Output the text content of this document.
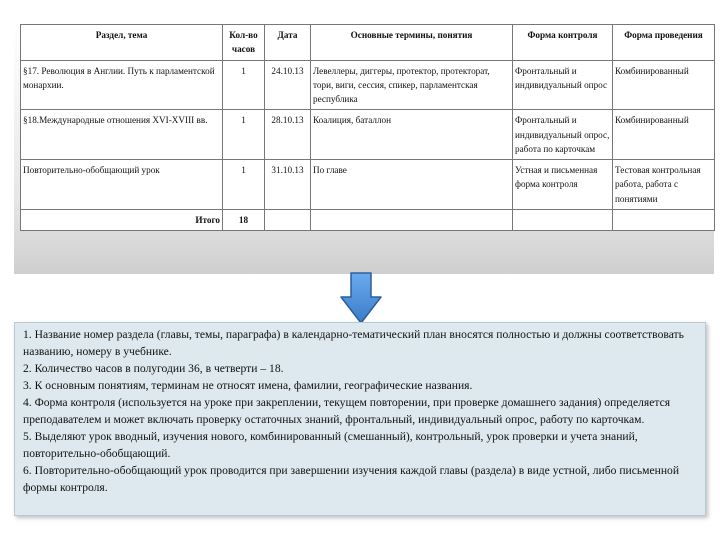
Раздел, тема	Кол-во часов	Дата	Основные термины, понятия	Форма контроля	Форма проведения
§17. Революция в Англии. Путь к парламентской монархии.	1	24.10.13	Левеллеры, диггеры, протектор, протекторат, тори, виги, сессия, спикер, парламентская республика	Фронтальный и индивидуальный опрос	Комбинированный
§18.Международные отношения XVI-XVIII вв.	1	28.10.13	Коалиция, баталлон	Фронтальный и индивидуальный опрос, работа по карточкам	Комбинированный
Повторительно-обобщающий урок	1	31.10.13	По главе	Устная и письменная форма контроля	Тестовая контрольная работа, работа с понятиями
Итого	18				

1. Название номер раздела (главы, темы, параграфа) в календарно-тематический план вносятся полностью и должны соответствовать названию, номеру в учебнике.

2. Количество часов в полугодии 36, в четверти – 18.

3. К основным понятиям, терминам не относят имена, фамилии, географические названия.

4. Форма контроля (используется на уроке при закреплении, текущем повторении, при проверке домашнего задания) определяется преподавателем и может включать проверку остаточных знаний, фронтальный, индивидуальный опрос, работу по карточкам.

5. Выделяют урок вводный, изучения нового, комбинированный (смешанный), контрольный, урок проверки и учета знаний, повторительно-обобщающий.

6. Повторительно-обобщающий урок проводится при завершении изучения каждой главы (раздела) в виде устной, либо письменной формы контроля.
